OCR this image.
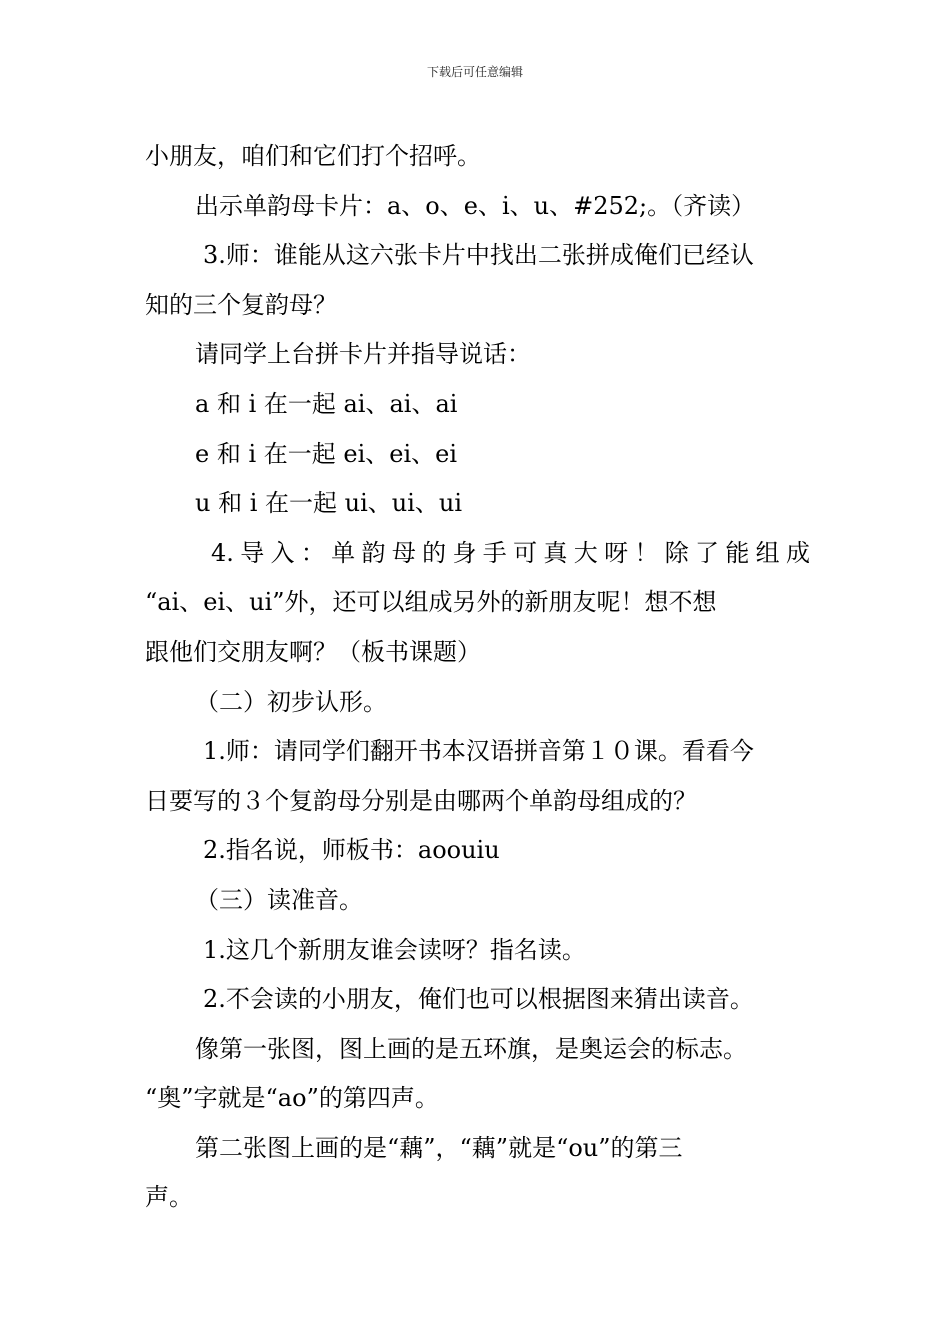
下载后可任意编辑
小朋友，咱们和它们打个招呼。
出示单韵母卡片：a、o、e、i、u、#252;。（齐读）
3.师：谁能从这六张卡片中找出二张拼成俺们已经认
知的三个复韵母？
请同学上台拼卡片并指导说话：
a 和 i 在一起 ai、ai、ai
e 和 i 在一起 ei、ei、ei
u 和 i 在一起 ui、ui、ui
4.导入：单韵母的身手可真大呀！除了能组成
“ai、ei、ui”外，还可以组成另外的新朋友呢！想不想
跟他们交朋友啊？（板书课题）
（二）初步认形。
1.师：请同学们翻开书本汉语拼音第１０课。看看今
日要写的３个复韵母分别是由哪两个单韵母组成的？
2.指名说，师板书：aoouiu
（三）读准音。
1.这几个新朋友谁会读呀？指名读。
2.不会读的小朋友，俺们也可以根据图来猜出读音。
像第一张图，图上画的是五环旗，是奥运会的标志。
“奥”字就是“ao”的第四声。
第二张图上画的是“藕”，“藕”就是“ou”的第三
声。
